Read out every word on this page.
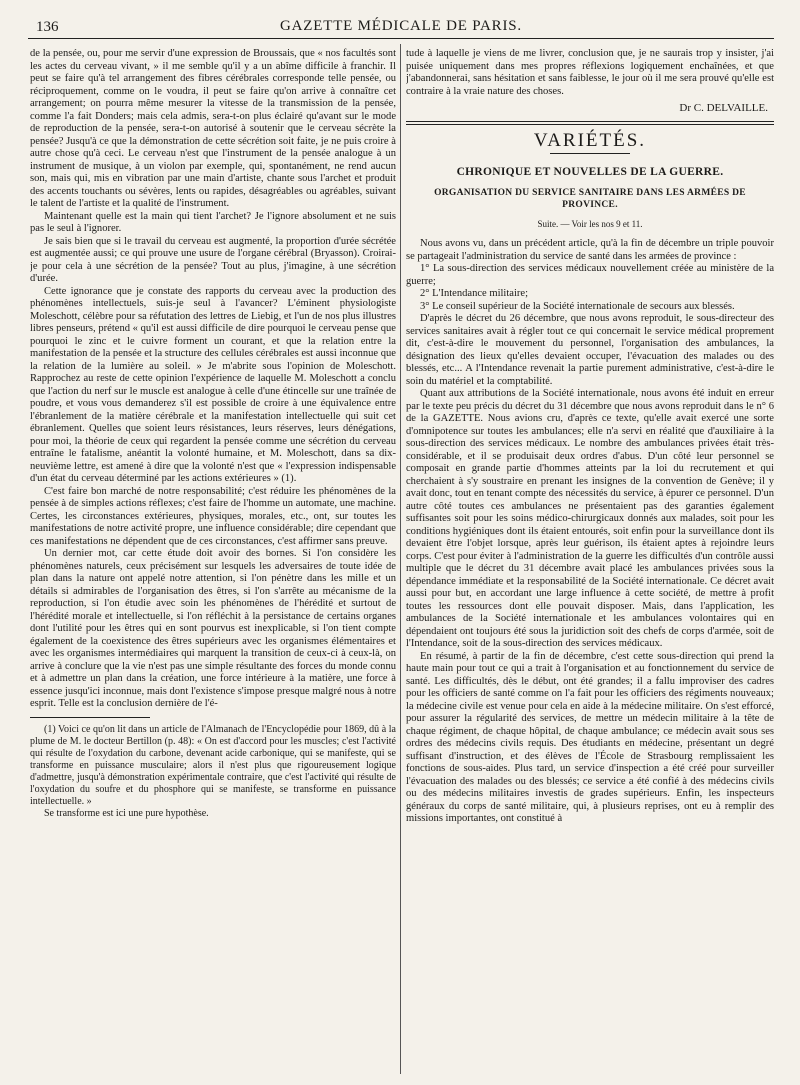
136	GAZETTE MÉDICALE DE PARIS.

de la pensée, ou, pour me servir d'une expression de Broussais, que « nos facultés sont les actes du cerveau vivant, » il me semble qu'il y a un abîme difficile à franchir. Il peut se faire qu'à tel arrangement des fibres cérébrales corresponde telle pensée, ou réciproquement, comme on le voudra, il peut se faire qu'on arrive à connaître cet arrangement; on pourra même mesurer la vitesse de la transmission de la pensée, comme l'a fait Donders; mais cela admis, sera-t-on plus éclairé qu'avant sur le mode de reproduction de la pensée, sera-t-on autorisé à soutenir que le cerveau sécrète la pensée? Jusqu'à ce que la démonstration de cette sécrétion soit faite, je ne puis croire à autre chose qu'à ceci. Le cerveau n'est que l'instrument de la pensée analogue à un instrument de musique, à un violon par exemple, qui, spontanément, ne rend aucun son, mais qui, mis en vibration par une main d'artiste, chante sous l'archet et produit des accents touchants ou sévères, lents ou rapides, désagréables ou agréables, suivant le talent de l'artiste et la qualité de l'instrument.

Maintenant quelle est la main qui tient l'archet? Je l'ignore absolument et ne suis pas le seul à l'ignorer.

Je sais bien que si le travail du cerveau est augmenté, la proportion d'urée sécrétée est augmentée aussi; ce qui prouve une usure de l'organe cérébral (Bryasson). Croirai-je pour cela à une sécrétion de la pensée? Tout au plus, j'imagine, à une sécrétion d'urée.

Cette ignorance que je constate des rapports du cerveau avec la production des phénomènes intellectuels, suis-je seul à l'avancer? L'éminent physiologiste Moleschott, célèbre pour sa réfutation des lettres de Liebig, et l'un de nos plus illustres libres penseurs, prétend « qu'il est aussi difficile de dire pourquoi le cerveau pense que pourquoi le zinc et le cuivre forment un courant, et que la relation entre la manifestation de la pensée et la structure des cellules cérébrales est aussi inconnue que la relation de la lumière au soleil. » Je m'abrite sous l'opinion de Moleschott. Rapprochez au reste de cette opinion l'expérience de laquelle M. Moleschott a conclu que l'action du nerf sur le muscle est analogue à celle d'une étincelle sur une traînée de poudre, et vous vous demanderez s'il est possible de croire à une équivalence entre l'ébranlement de la matière cérébrale et la manifestation intellectuelle qui suit cet ébranlement. Quelles que soient leurs résistances, leurs réserves, leurs dénégations, pour moi, la théorie de ceux qui regardent la pensée comme une sécrétion du cerveau entraîne le fatalisme, anéantit la volonté humaine, et M. Moleschott, dans sa dix-neuvième lettre, est amené à dire que la volonté n'est que « l'expression indispensable d'un état du cerveau déterminé par les actions extérieures » (1).

C'est faire bon marché de notre responsabilité; c'est réduire les phénomènes de la pensée à de simples actions réflexes; c'est faire de l'homme un automate, une machine. Certes, les circonstances extérieures, physiques, morales, etc., ont, sur toutes les manifestations de notre activité propre, une influence considérable; dire cependant que ces manifestations ne dépendent que de ces circonstances, c'est affirmer sans preuve.

Un dernier mot, car cette étude doit avoir des bornes. Si l'on considère les phénomènes naturels, ceux précisément sur lesquels les adversaires de toute idée de plan dans la nature ont appelé notre attention, si l'on pénètre dans les mille et un détails si admirables de l'organisation des êtres, si l'on s'arrête au mécanisme de la reproduction, si l'on étudie avec soin les phénomènes de l'hérédité et surtout de l'hérédité morale et intellectuelle, si l'on réfléchit à la persistance de certains organes dont l'utilité pour les êtres qui en sont pourvus est inexplicable, si l'on tient compte également de la coexistence des êtres supérieurs avec les organismes élémentaires et avec les organismes intermédiaires qui marquent la transition de ceux-ci à ceux-là, on arrive à conclure que la vie n'est pas une simple résultante des forces du monde connu et à admettre un plan dans la création, une force intérieure à la matière, une force à essence jusqu'ici inconnue, mais dont l'existence s'impose presque malgré nous à notre esprit. Telle est la conclusion dernière de l'é-

(1) Voici ce qu'on lit dans un article de l'Almanach de l'Encyclopédie pour 1869, dû à la plume de M. le docteur Bertillon (p. 48): « On est d'accord pour les muscles; c'est l'activité qui résulte de l'oxydation du carbone, devenant acide carbonique, qui se manifeste, qui se transforme en puissance musculaire; alors il n'est plus que rigoureusement logique d'admettre, jusqu'à démonstration expérimentale contraire, que c'est l'activité qui résulte de l'oxydation du soufre et du phosphore qui se manifeste, se transforme en puissance intellectuelle. »

Se transforme est ici une pure hypothèse.

tude à laquelle je viens de me livrer, conclusion que, je ne saurais trop y insister, j'ai puisée uniquement dans mes propres réflexions logiquement enchaînées, et que j'abandonnerai, sans hésitation et sans faiblesse, le jour où il me sera prouvé qu'elle est contraire à la vraie nature des choses.

Dr C. DELVAILLE.
VARIÉTÉS.
CHRONIQUE ET NOUVELLES DE LA GUERRE.
ORGANISATION DU SERVICE SANITAIRE DANS LES ARMÉES DE PROVINCE.
Suite. — Voir les nos 9 et 11.

Nous avons vu, dans un précédent article, qu'à la fin de décembre un triple pouvoir se partageait l'administration du service de santé dans les armées de province :

1° La sous-direction des services médicaux nouvellement créée au ministère de la guerre;

2° L'Intendance militaire;

3° Le conseil supérieur de la Société internationale de secours aux blessés.

D'après le décret du 26 décembre, que nous avons reproduit, le sous-directeur des services sanitaires avait à régler tout ce qui concernait le service médical proprement dit, c'est-à-dire le mouvement du personnel, l'organisation des ambulances, la désignation des lieux qu'elles devaient occuper, l'évacuation des malades ou des blessés, etc... A l'Intendance revenait la partie purement administrative, c'est-à-dire le soin du matériel et la comptabilité.

Quant aux attributions de la Société internationale, nous avons été induit en erreur par le texte peu précis du décret du 31 décembre que nous avons reproduit dans le n° 6 de la GAZETTE. Nous avions cru, d'après ce texte, qu'elle avait exercé une sorte d'omnipotence sur toutes les ambulances; elle n'a servi en réalité que d'auxiliaire à la sous-direction des services médicaux. Le nombre des ambulances privées était très-considérable, et il se produisait deux ordres d'abus. D'un côté leur personnel se composait en grande partie d'hommes atteints par la loi du recrutement et qui cherchaient à s'y soustraire en prenant les insignes de la convention de Genève; il y avait donc, tout en tenant compte des nécessités du service, à épurer ce personnel. D'un autre côté toutes ces ambulances ne présentaient pas des garanties également suffisantes soit pour les soins médico-chirurgicaux donnés aux malades, soit pour les conditions hygiéniques dont ils étaient entourés, soit enfin pour la surveillance dont ils devaient être l'objet lorsque, après leur guérison, ils étaient aptes à rejoindre leurs corps. C'est pour éviter à l'administration de la guerre les difficultés d'un contrôle aussi multiple que le décret du 31 décembre avait placé les ambulances privées sous la dépendance immédiate et la responsabilité de la Société internationale. Ce décret avait aussi pour but, en accordant une large influence à cette société, de mettre à profit toutes les ressources dont elle pouvait disposer. Mais, dans l'application, les ambulances de la Société internationale et les ambulances volontaires qui en dépendaient ont toujours été sous la juridiction soit des chefs de corps d'armée, soit de l'Intendance, soit de la sous-direction des services médicaux.

En résumé, à partir de la fin de décembre, c'est cette sous-direction qui prend la haute main pour tout ce qui a trait à l'organisation et au fonctionnement du service de santé. Les difficultés, dès le début, ont été grandes; il a fallu improviser des cadres pour les officiers de santé comme on l'a fait pour les officiers des régiments nouveaux; la médecine civile est venue pour cela en aide à la médecine militaire. On s'est efforcé, pour assurer la régularité des services, de mettre un médecin militaire à la tête de chaque régiment, de chaque hôpital, de chaque ambulance; ce médecin avait sous ses ordres des médecins civils requis. Des étudiants en médecine, présentant un degré suffisant d'instruction, et des élèves de l'École de Strasbourg remplissaient les fonctions de sous-aides. Plus tard, un service d'inspection a été créé pour surveiller l'évacuation des malades ou des blessés; ce service a été confié à des médecins civils ou des médecins militaires investis de grades supérieurs. Enfin, les inspecteurs généraux du corps de santé militaire, qui, à plusieurs reprises, ont eu à remplir des missions importantes, ont constitué à
